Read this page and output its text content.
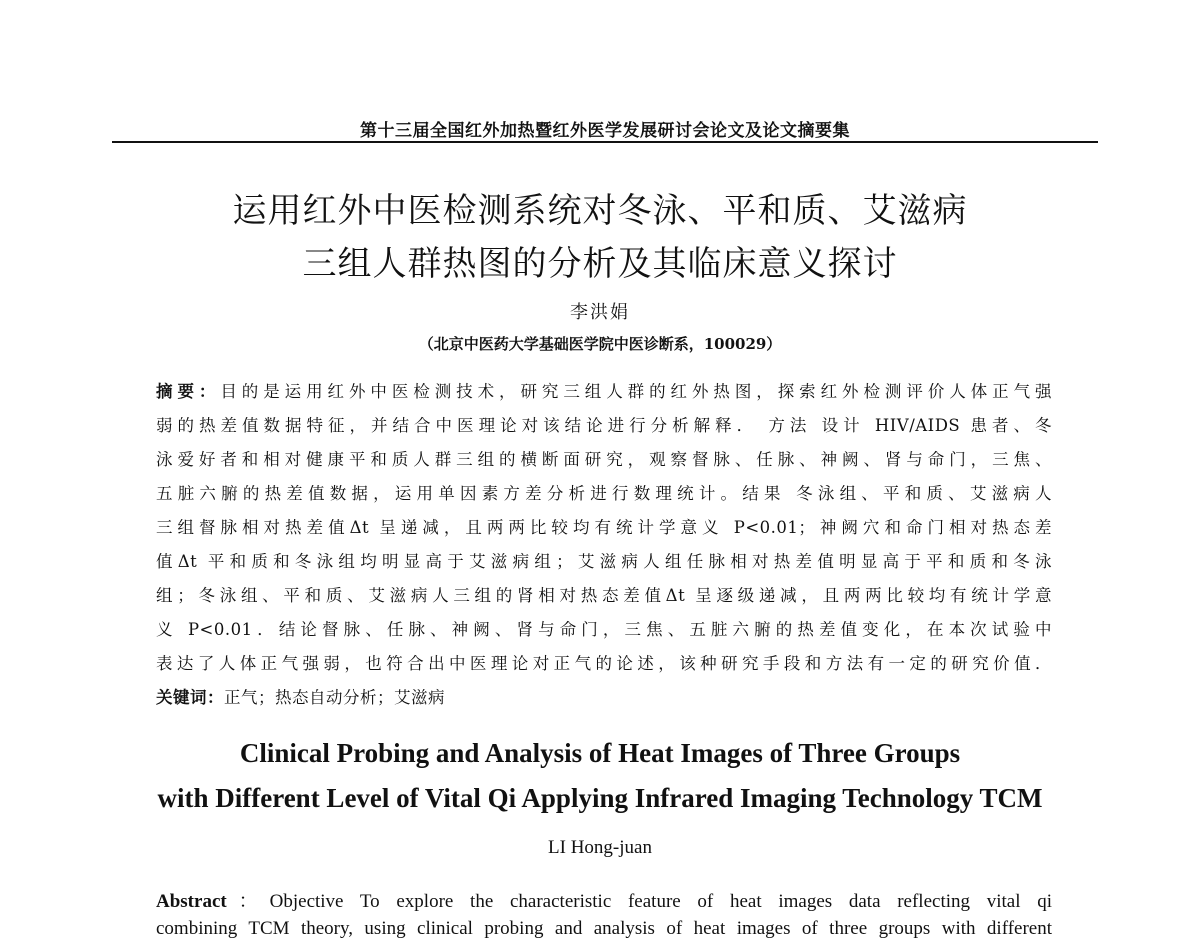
第十三届全国红外加热暨红外医学发展研讨会论文及论文摘要集
运用红外中医检测系统对冬泳、平和质、艾滋病
三组人群热图的分析及其临床意义探讨
李洪娟
（北京中医药大学基础医学院中医诊断系，100029）
摘要：目的是运用红外中医检测技术，研究三组人群的红外热图，探索红外检测评价人体正气强
弱的热差值数据特征，并结合中医理论对该结论进行分析解释． 方法 设计 HIV/AIDS 患者、冬
泳爱好者和相对健康平和质人群三组的横断面研究，观察督脉、任脉、神阙、肾与命门，三焦、
五脏六腑的热差值数据，运用单因素方差分析进行数理统计。结果 冬泳组、平和质、艾滋病人
三组督脉相对热差值Δt 呈递减，且两两比较均有统计学意义 P<0.01；神阙穴和命门相对热态差
值Δt 平和质和冬泳组均明显高于艾滋病组；艾滋病人组任脉相对热差值明显高于平和质和冬泳
组；冬泳组、平和质、艾滋病人三组的肾相对热态差值Δt 呈逐级递减，且两两比较均有统计学意
义 P<0.01．结论督脉、任脉、神阙、肾与命门，三焦、五脏六腑的热差值变化，在本次试验中
表达了人体正气强弱，也符合出中医理论对正气的论述，该种研究手段和方法有一定的研究价值．
关键词：正气；热态自动分析；艾滋病
Clinical Probing and Analysis of Heat Images of Three Groups
with Different Level of Vital Qi Applying Infrared Imaging Technology TCM
LI Hong-juan
Abstract：Objective To explore the characteristic feature of heat images data reflecting vital qi
combining TCM theory, using clinical probing and analysis of heat images of three groups with different
